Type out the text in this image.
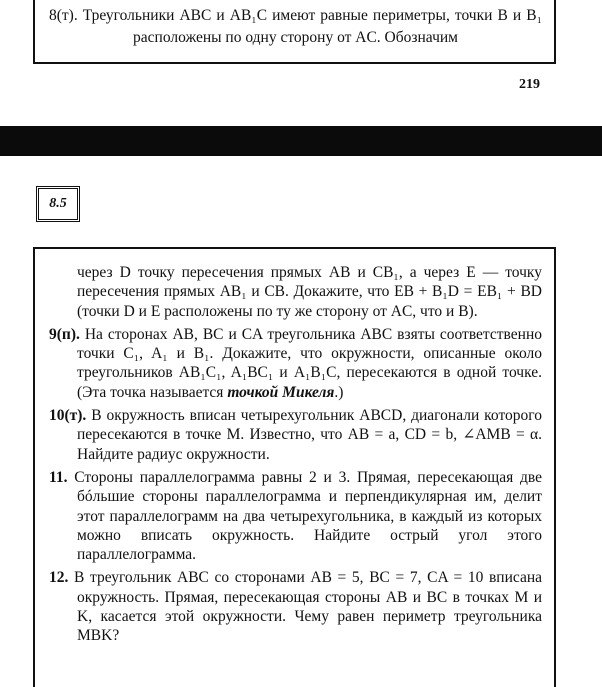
8(т). Треугольники ABC и AB₁C имеют равные периметры, точки B и B₁ расположены по одну сторону от AC. Обозначим

219
8.5

через D точку пересечения прямых AB и CB₁, а через E — точку пересечения прямых AB₁ и CB. Докажите, что EB + B₁D = EB₁ + BD (точки D и E расположены по ту же сторону от AC, что и B).

9(п). На сторонах AB, BC и CA треугольника ABC взяты соответственно точки C₁, A₁ и B₁. Докажите, что окружности, описанные около треугольников AB₁C₁, A₁BC₁ и A₁B₁C, пересекаются в одной точке. (Эта точка называется точкой Микеля.)

10(т). В окружность вписан четырехугольник ABCD, диагонали которого пересекаются в точке M. Известно, что AB = a, CD = b, ∠AMB = α. Найдите радиус окружности.

11. Стороны параллелограмма равны 2 и 3. Прямая, пересекающая две бóльшие стороны параллелограмма и перпендикулярная им, делит этот параллелограмм на два четырехугольника, в каждый из которых можно вписать окружность. Найдите острый угол этого параллелограмма.

12. В треугольник ABC со сторонами AB = 5, BC = 7, CA = 10 вписана окружность. Прямая, пересекающая стороны AB и BC в точках M и K, касается этой окружности. Чему равен периметр треугольника MBK?
